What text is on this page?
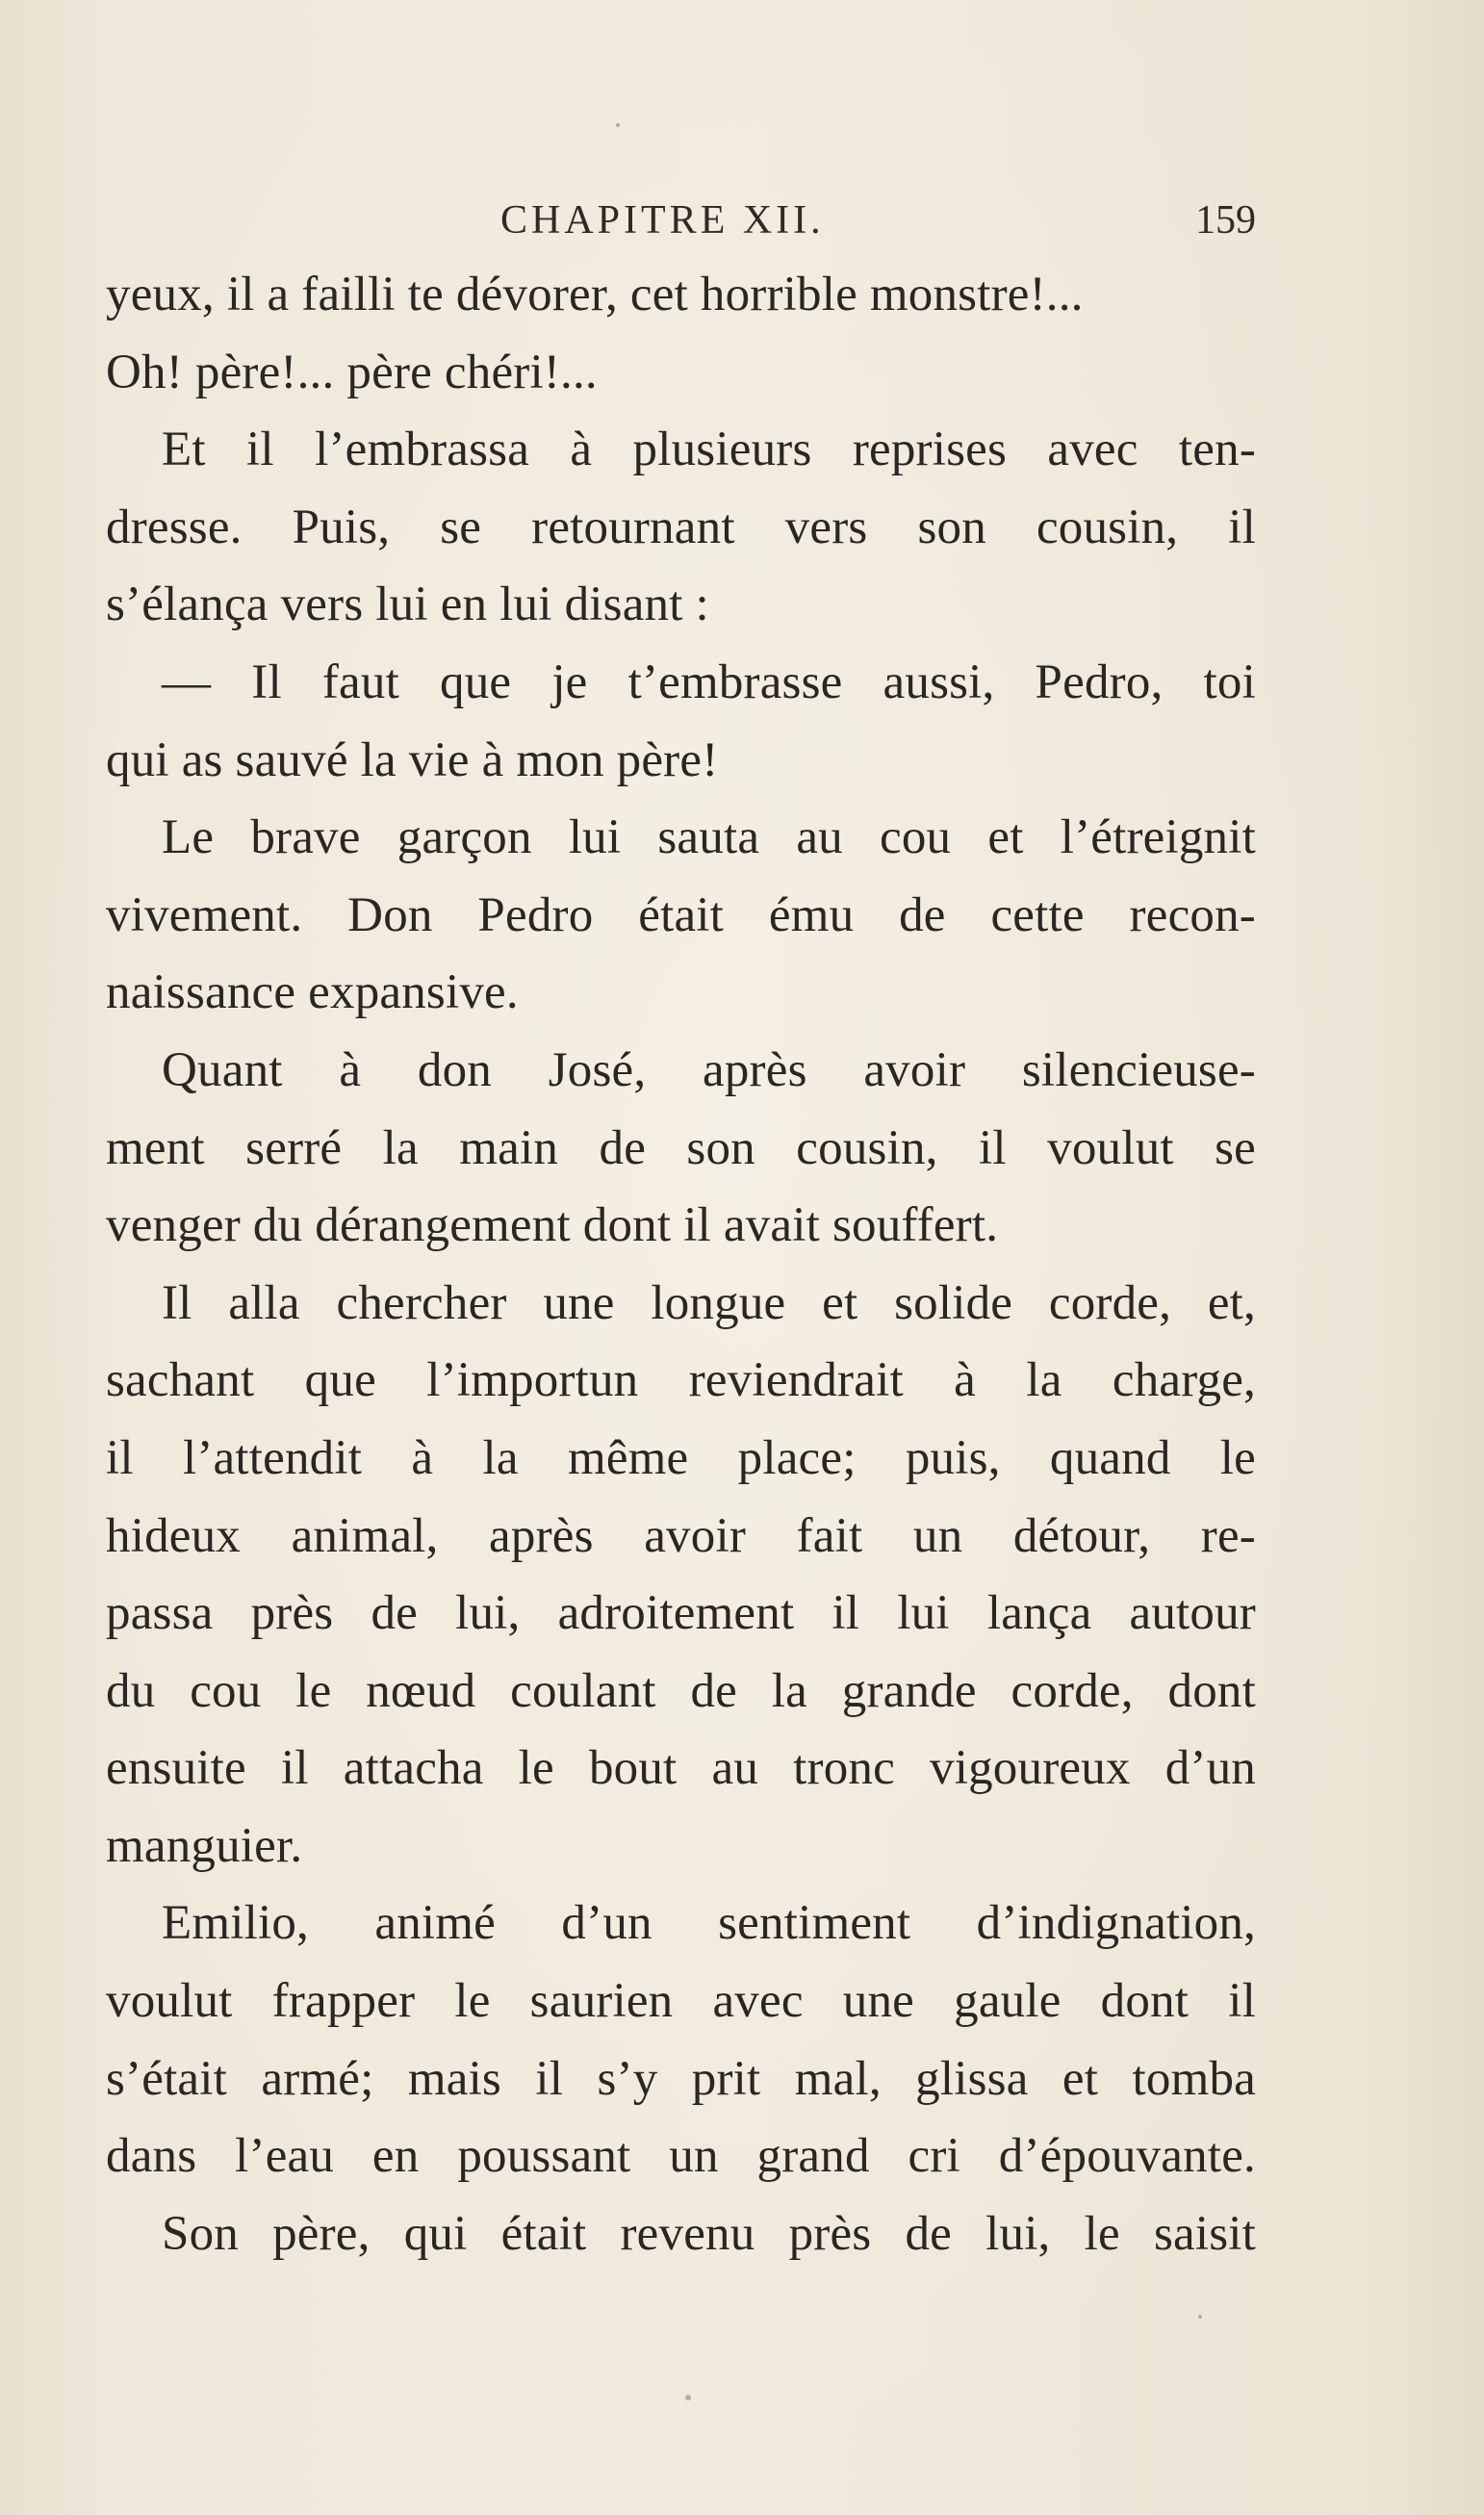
CHAPITRE XII.	159
yeux, il a failli te dévorer, cet horrible monstre!...
Oh! père!... père chéri!...
Et il l’embrassa à plusieurs reprises avec ten-
dresse. Puis, se retournant vers son cousin, il
s’élança vers lui en lui disant :
— Il faut que je t’embrasse aussi, Pedro, toi
qui as sauvé la vie à mon père!
Le brave garçon lui sauta au cou et l’étreignit
vivement. Don Pedro était ému de cette recon-
naissance expansive.
Quant à don José, après avoir silencieuse-
ment serré la main de son cousin, il voulut se
venger du dérangement dont il avait souffert.
Il alla chercher une longue et solide corde, et,
sachant que l’importun reviendrait à la charge,
il l’attendit à la même place; puis, quand le
hideux animal, après avoir fait un détour, re-
passa près de lui, adroitement il lui lança autour
du cou le nœud coulant de la grande corde, dont
ensuite il attacha le bout au tronc vigoureux d’un
manguier.
Emilio, animé d’un sentiment d’indignation,
voulut frapper le saurien avec une gaule dont il
s’était armé; mais il s’y prit mal, glissa et tomba
dans l’eau en poussant un grand cri d’épouvante.
Son père, qui était revenu près de lui, le saisit
